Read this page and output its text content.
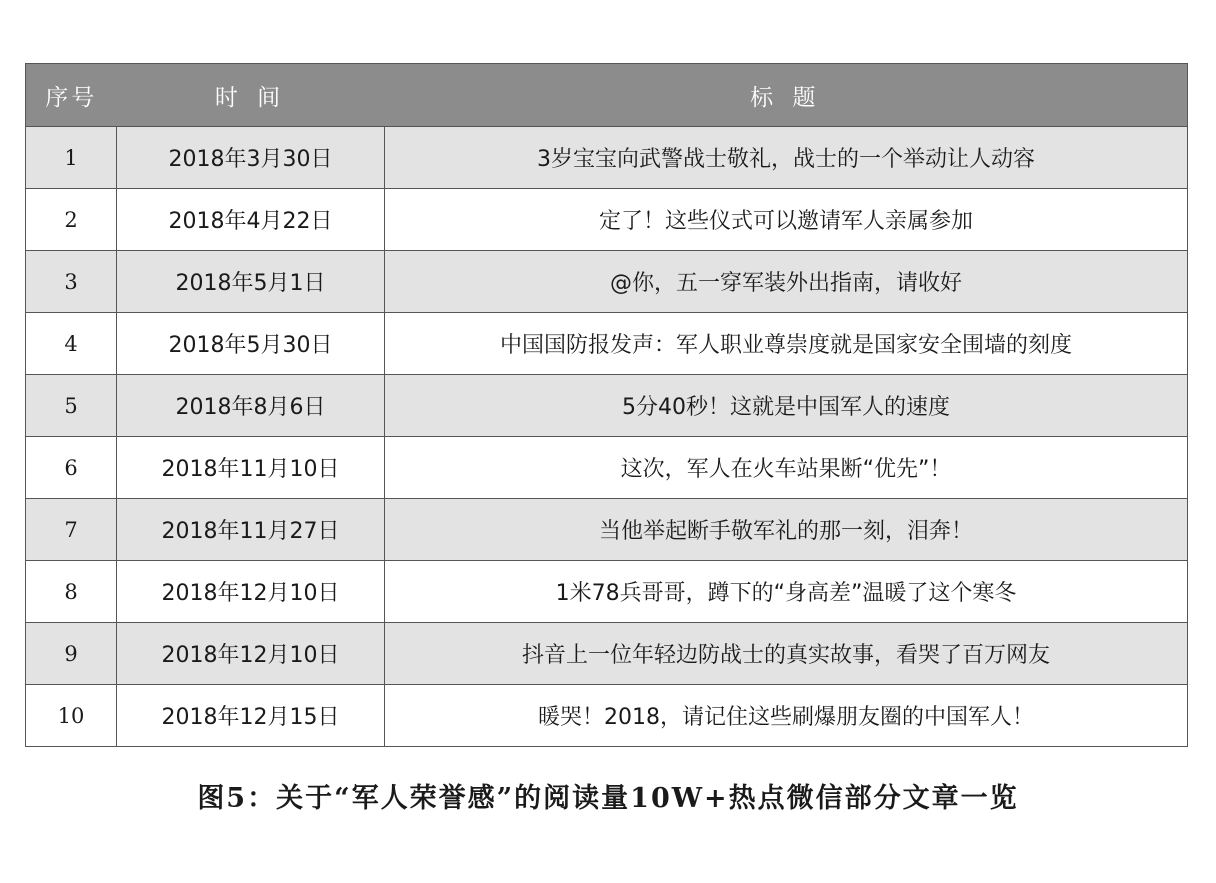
序号	时 间	标 题
1	2018年3月30日	3岁宝宝向武警战士敬礼，战士的一个举动让人动容
2	2018年4月22日	定了！这些仪式可以邀请军人亲属参加
3	2018年5月1日	@你，五一穿军装外出指南，请收好
4	2018年5月30日	中国国防报发声：军人职业尊崇度就是国家安全围墙的刻度
5	2018年8月6日	5分40秒！这就是中国军人的速度
6	2018年11月10日	这次，军人在火车站果断“优先”！
7	2018年11月27日	当他举起断手敬军礼的那一刻，泪奔！
8	2018年12月10日	1米78兵哥哥，蹲下的“身高差”温暖了这个寒冬
9	2018年12月10日	抖音上一位年轻边防战士的真实故事，看哭了百万网友
10	2018年12月15日	暖哭！2018，请记住这些刷爆朋友圈的中国军人！
图5：关于“军人荣誉感”的阅读量10W+热点微信部分文章一览
